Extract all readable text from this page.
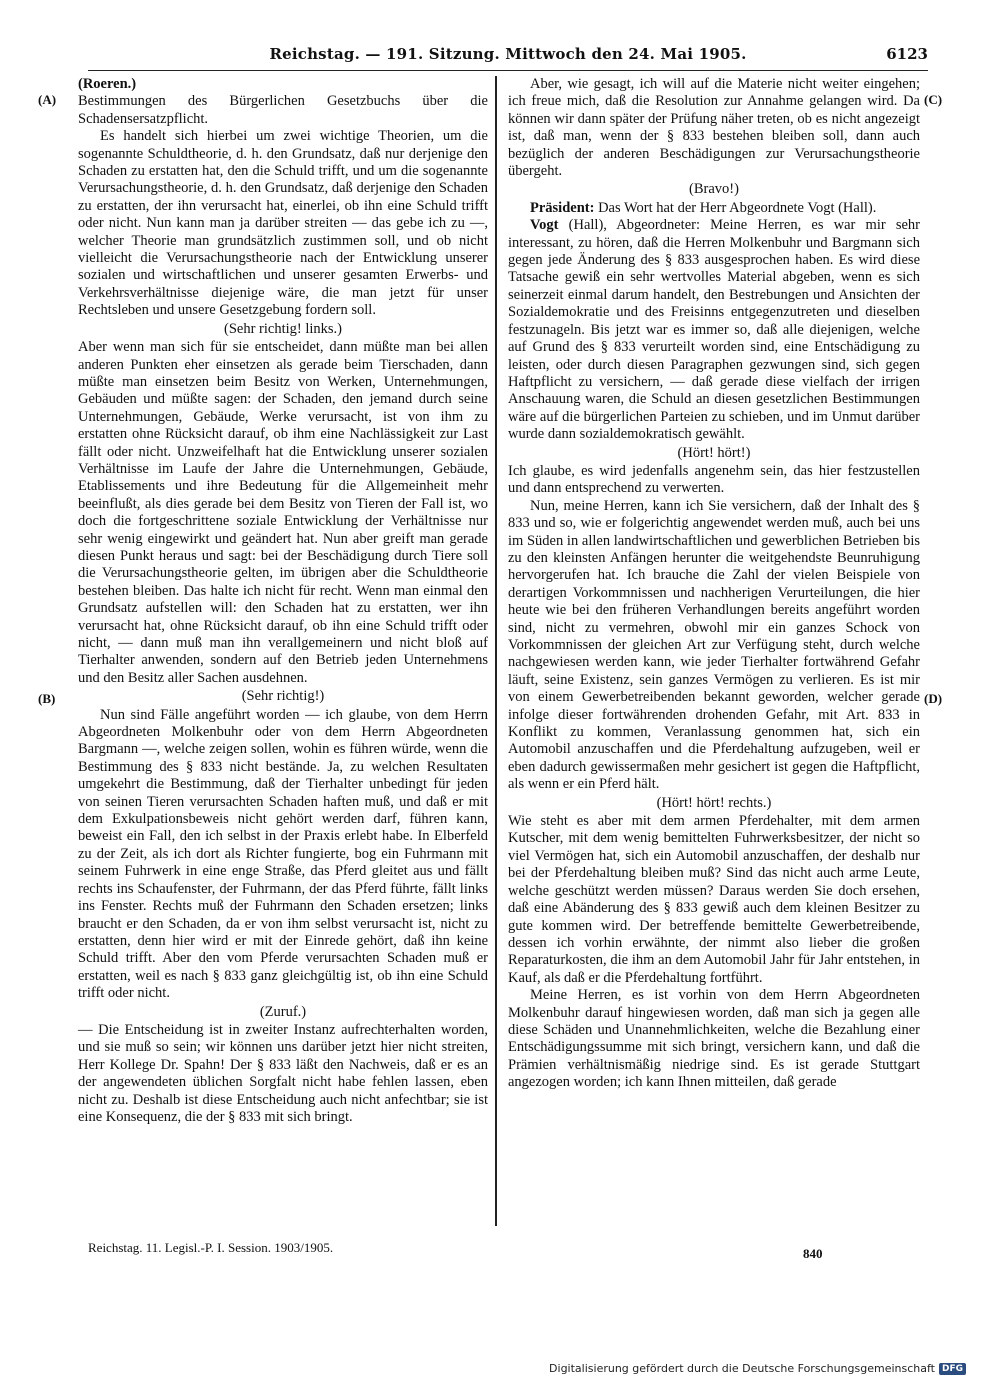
Reichstag. — 191. Sitzung. Mittwoch den 24. Mai 1905.	6123
(A)
(B)
(C)
(D)

(Roeren.)

Bestimmungen des Bürgerlichen Gesetzbuchs über die Schadensersatzpflicht.

Es handelt sich hierbei um zwei wichtige Theorien, um die sogenannte Schuldtheorie, d. h. den Grundsatz, daß nur derjenige den Schaden zu erstatten hat, den die Schuld trifft, und um die sogenannte Verursachungstheorie, d. h. den Grundsatz, daß derjenige den Schaden zu erstatten, der ihn verursacht hat, einerlei, ob ihn eine Schuld trifft oder nicht. Nun kann man ja darüber streiten — das gebe ich zu —, welcher Theorie man grundsätzlich zustimmen soll, und ob nicht vielleicht die Verursachungstheorie nach der Entwicklung unserer sozialen und wirtschaftlichen und unserer gesamten Erwerbs- und Verkehrsverhältnisse diejenige wäre, die man jetzt für unser Rechtsleben und unsere Gesetzgebung fordern soll.

(Sehr richtig! links.)

Aber wenn man sich für sie entscheidet, dann müßte man bei allen anderen Punkten eher einsetzen als gerade beim Tierschaden, dann müßte man einsetzen beim Besitz von Werken, Unternehmungen, Gebäuden und müßte sagen: der Schaden, den jemand durch seine Unternehmungen, Gebäude, Werke verursacht, ist von ihm zu erstatten ohne Rücksicht darauf, ob ihm eine Nachlässigkeit zur Last fällt oder nicht. Unzweifelhaft hat die Entwicklung unserer sozialen Verhältnisse im Laufe der Jahre die Unternehmungen, Gebäude, Etablissements und ihre Bedeutung für die Allgemeinheit mehr beeinflußt, als dies gerade bei dem Besitz von Tieren der Fall ist, wo doch die fortgeschrittene soziale Entwicklung der Verhältnisse nur sehr wenig eingewirkt und geändert hat. Nun aber greift man gerade diesen Punkt heraus und sagt: bei der Beschädigung durch Tiere soll die Verursachungstheorie gelten, im übrigen aber die Schuldtheorie bestehen bleiben. Das halte ich nicht für recht. Wenn man einmal den Grundsatz aufstellen will: den Schaden hat zu erstatten, wer ihn verursacht hat, ohne Rücksicht darauf, ob ihn eine Schuld trifft oder nicht, — dann muß man ihn verallgemeinern und nicht bloß auf Tierhalter anwenden, sondern auf den Betrieb jeden Unternehmens und den Besitz aller Sachen ausdehnen.

(Sehr richtig!)

Nun sind Fälle angeführt worden — ich glaube, von dem Herrn Abgeordneten Molkenbuhr oder von dem Herrn Abgeordneten Bargmann —, welche zeigen sollen, wohin es führen würde, wenn die Bestimmung des § 833 nicht bestände. Ja, zu welchen Resultaten umgekehrt die Bestimmung, daß der Tierhalter unbedingt für jeden von seinen Tieren verursachten Schaden haften muß, und daß er mit dem Exkulpationsbeweis nicht gehört werden darf, führen kann, beweist ein Fall, den ich selbst in der Praxis erlebt habe. In Elberfeld zu der Zeit, als ich dort als Richter fungierte, bog ein Fuhrmann mit seinem Fuhrwerk in eine enge Straße, das Pferd gleitet aus und fällt rechts ins Schaufenster, der Fuhrmann, der das Pferd führte, fällt links ins Fenster. Rechts muß der Fuhrmann den Schaden ersetzen; links braucht er den Schaden, da er von ihm selbst verursacht ist, nicht zu erstatten, denn hier wird er mit der Einrede gehört, daß ihn keine Schuld trifft. Aber den vom Pferde verursachten Schaden muß er erstatten, weil es nach § 833 ganz gleichgültig ist, ob ihn eine Schuld trifft oder nicht.

(Zuruf.)

— Die Entscheidung ist in zweiter Instanz aufrechterhalten worden, und sie muß so sein; wir können uns darüber jetzt hier nicht streiten, Herr Kollege Dr. Spahn! Der § 833 läßt den Nachweis, daß er es an der angewendeten üblichen Sorgfalt nicht habe fehlen lassen, eben nicht zu. Deshalb ist diese Entscheidung auch nicht anfechtbar; sie ist eine Konsequenz, die der § 833 mit sich bringt.

Aber, wie gesagt, ich will auf die Materie nicht weiter eingehen; ich freue mich, daß die Resolution zur Annahme gelangen wird. Da können wir dann später der Prüfung näher treten, ob es nicht angezeigt ist, daß man, wenn der § 833 bestehen bleiben soll, dann auch bezüglich der anderen Beschädigungen zur Verursachungstheorie übergeht.

(Bravo!)

Präsident: Das Wort hat der Herr Abgeordnete Vogt (Hall).

Vogt (Hall), Abgeordneter: Meine Herren, es war mir sehr interessant, zu hören, daß die Herren Molkenbuhr und Bargmann sich gegen jede Änderung des § 833 ausgesprochen haben. Es wird diese Tatsache gewiß ein sehr wertvolles Material abgeben, wenn es sich seinerzeit einmal darum handelt, den Bestrebungen und Ansichten der Sozialdemokratie und des Freisinns entgegenzutreten und dieselben festzunageln. Bis jetzt war es immer so, daß alle diejenigen, welche auf Grund des § 833 verurteilt worden sind, eine Entschädigung zu leisten, oder durch diesen Paragraphen gezwungen sind, sich gegen Haftpflicht zu versichern, — daß gerade diese vielfach der irrigen Anschauung waren, die Schuld an diesen gesetzlichen Bestimmungen wäre auf die bürgerlichen Parteien zu schieben, und im Unmut darüber wurde dann sozialdemokratisch gewählt.

(Hört! hört!)

Ich glaube, es wird jedenfalls angenehm sein, das hier festzustellen und dann entsprechend zu verwerten.

Nun, meine Herren, kann ich Sie versichern, daß der Inhalt des § 833 und so, wie er folgerichtig angewendet werden muß, auch bei uns im Süden in allen landwirtschaftlichen und gewerblichen Betrieben bis zu den kleinsten Anfängen herunter die weitgehendste Beunruhigung hervorgerufen hat. Ich brauche die Zahl der vielen Beispiele von derartigen Vorkommnissen und nachherigen Verurteilungen, die hier heute wie bei den früheren Verhandlungen bereits angeführt worden sind, nicht zu vermehren, obwohl mir ein ganzes Schock von Vorkommnissen der gleichen Art zur Verfügung steht, durch welche nachgewiesen werden kann, wie jeder Tierhalter fortwährend Gefahr läuft, seine Existenz, sein ganzes Vermögen zu verlieren. Es ist mir von einem Gewerbetreibenden bekannt geworden, welcher gerade infolge dieser fortwährenden drohenden Gefahr, mit Art. 833 in Konflikt zu kommen, Veranlassung genommen hat, sich ein Automobil anzuschaffen und die Pferdehaltung aufzugeben, weil er eben dadurch gewissermaßen mehr gesichert ist gegen die Haftpflicht, als wenn er ein Pferd hält.

(Hört! hört! rechts.)

Wie steht es aber mit dem armen Pferdehalter, mit dem armen Kutscher, mit dem wenig bemittelten Fuhrwerksbesitzer, der nicht so viel Vermögen hat, sich ein Automobil anzuschaffen, der deshalb nur bei der Pferdehaltung bleiben muß? Sind das nicht auch arme Leute, welche geschützt werden müssen? Daraus werden Sie doch ersehen, daß eine Abänderung des § 833 gewiß auch dem kleinen Besitzer zu gute kommen wird. Der betreffende bemittelte Gewerbetreibende, dessen ich vorhin erwähnte, der nimmt also lieber die großen Reparaturkosten, die ihm an dem Automobil Jahr für Jahr entstehen, in Kauf, als daß er die Pferdehaltung fortführt.

Meine Herren, es ist vorhin von dem Herrn Abgeordneten Molkenbuhr darauf hingewiesen worden, daß man sich ja gegen alle diese Schäden und Unannehmlichkeiten, welche die Bezahlung einer Entschädigungssumme mit sich bringt, versichern kann, und daß die Prämien verhältnismäßig niedrige sind. Es ist gerade Stuttgart angezogen worden; ich kann Ihnen mitteilen, daß gerade

Reichstag. 11. Legisl.-P. I. Session. 1903/1905.	840
Digitalisierung gefördert durch die Deutsche Forschungsgemeinschaft DFG
